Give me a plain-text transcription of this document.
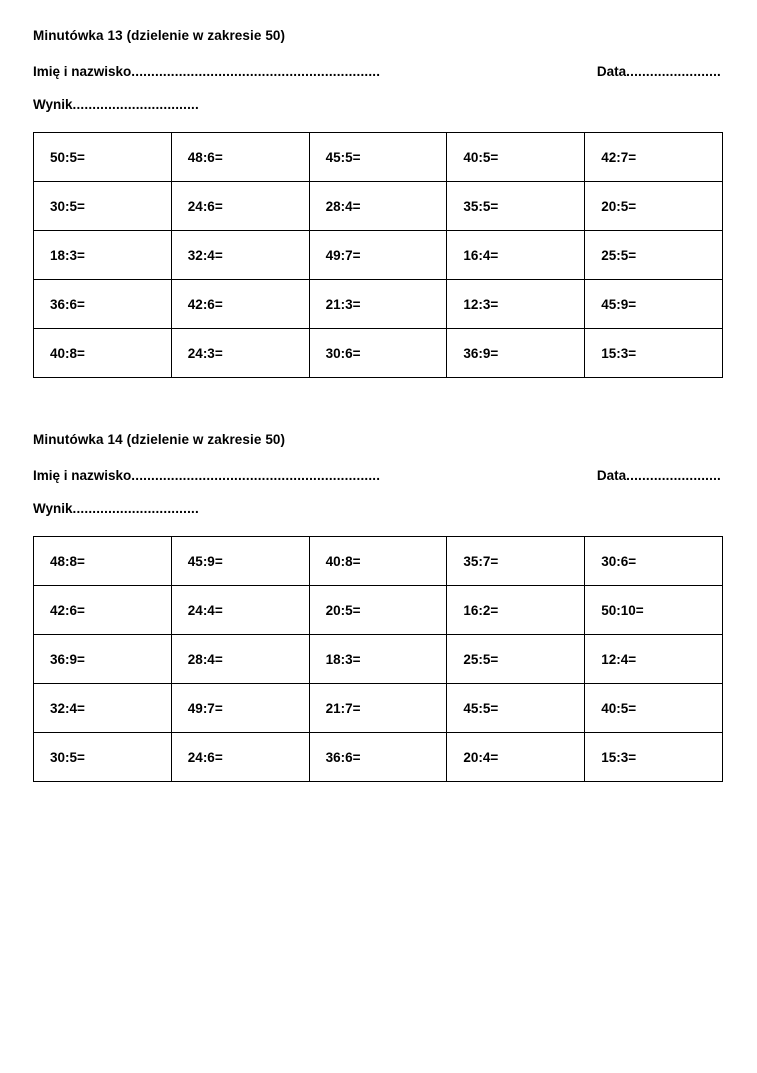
Minutówka 13 (dzielenie w zakresie 50)
Imię i nazwisko ...............................................................	Data ........................
Wynik................................
50:5=	48:6=	45:5=	40:5=	42:7=
30:5=	24:6=	28:4=	35:5=	20:5=
18:3=	32:4=	49:7=	16:4=	25:5=
36:6=	42:6=	21:3=	12:3=	45:9=
40:8=	24:3=	30:6=	36:9=	15:3=
Minutówka 14 (dzielenie w zakresie 50)
Imię i nazwisko ...............................................................	Data ........................
Wynik................................
48:8=	45:9=	40:8=	35:7=	30:6=
42:6=	24:4=	20:5=	16:2=	50:10=
36:9=	28:4=	18:3=	25:5=	12:4=
32:4=	49:7=	21:7=	45:5=	40:5=
30:5=	24:6=	36:6=	20:4=	15:3=
